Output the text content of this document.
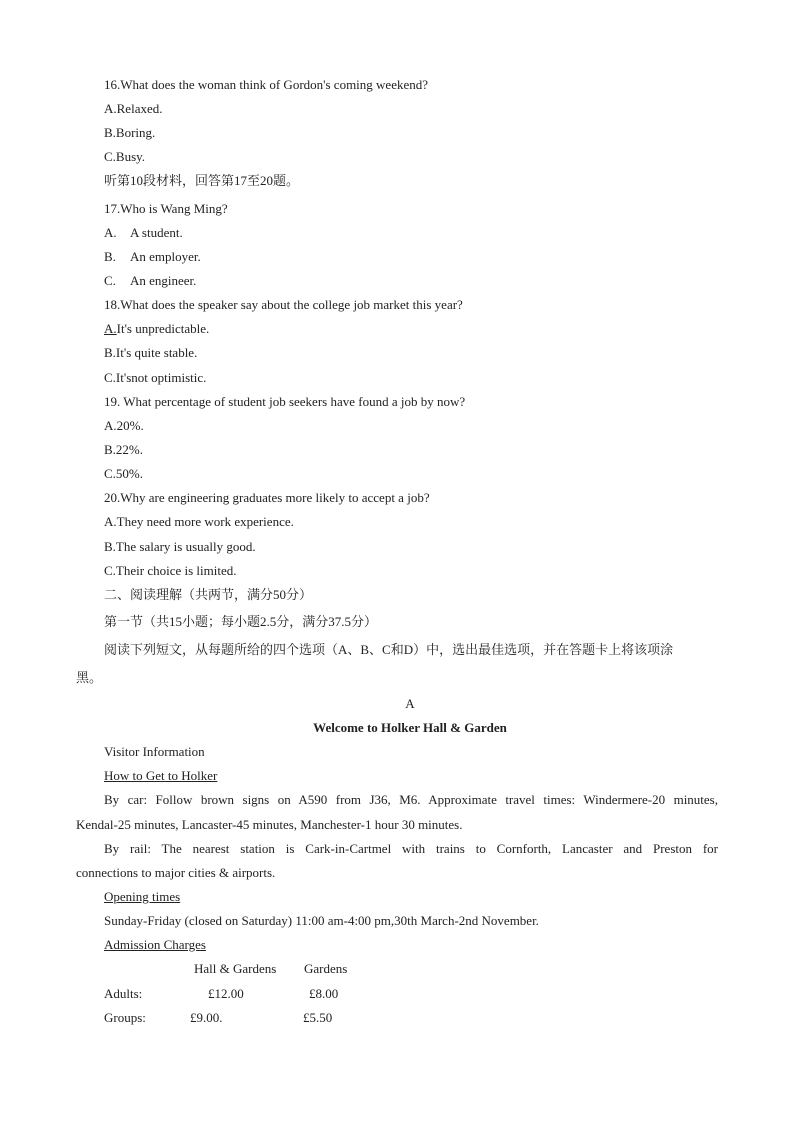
16.What does the woman think of Gordon's coming weekend?
A.Relaxed.
B.Boring.
C.Busy.
听第10段材料，回答第17至20题。
17.Who is Wang Ming?
A. A student.
B. An employer.
C. An engineer.
18.What does the speaker say about the college job market this year?
A.It's unpredictable.
B.It's quite stable.
C.It'snot optimistic.
19. What percentage of student job seekers have found a job by now?
A.20%.
B.22%.
C.50%.
20.Why are engineering graduates more likely to accept a job?
A.They need more work experience.
B.The salary is usually good.
C.Their choice is limited.
二、阅读理解（共两节，满分50分）
第一节（共15小题；每小题2.5分，满分37.5分）
阅读下列短文，从每题所给的四个选项（A、B、C和D）中，选出最佳选项，并在答题卡上将该项涂
黑。
A
Welcome to Holker Hall & Garden
Visitor Information
How to Get to Holker
By car: Follow brown signs on A590 from J36, M6. Approximate travel times: Windermere-20 minutes,
Kendal-25 minutes, Lancaster-45 minutes, Manchester-1 hour 30 minutes.
By rail: The nearest station is Cark-in-Cartmel with trains to Cornforth, Lancaster and Preston for
connections to major cities & airports.
Opening times
Sunday-Friday (closed on Saturday) 11:00 am-4:00 pm,30th March-2nd November.
Admission Charges
Hall & Gardens Gardens
Adults:	£12.00	£8.00
Groups:	£9.00.	£5.50
